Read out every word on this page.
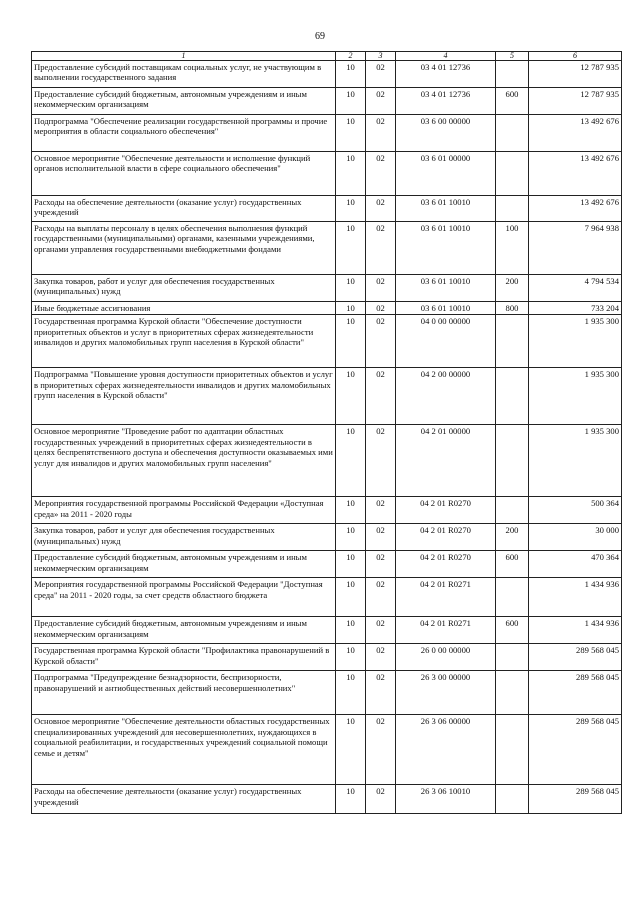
69
1	2	3	4	5	6
Предоставление субсидий поставщикам социальных услуг, не участвующим в выполнении государственного задания	10	02	03 4 01 12736		12 787 935
Предоставление субсидий бюджетным, автономным учреждениям и иным некоммерческим организациям	10	02	03 4 01 12736	600	12 787 935
Подпрограмма "Обеспечение реализации государственной программы и прочие мероприятия в области социального обеспечения"	10	02	03 6 00 00000		13 492 676
Основное мероприятие "Обеспечение деятельности и исполнение функций органов исполнительной власти в сфере социального обеспечения"	10	02	03 6 01 00000		13 492 676
Расходы на обеспечение деятельности (оказание услуг) государственных учреждений	10	02	03 6 01 10010		13 492 676
Расходы на выплаты персоналу в целях обеспечения выполнения функций государственными (муниципальными) органами, казенными учреждениями, органами управления государственными внебюджетными фондами	10	02	03 6 01 10010	100	7 964 938
Закупка товаров, работ и услуг для обеспечения государственных (муниципальных) нужд	10	02	03 6 01 10010	200	4 794 534
Иные бюджетные ассигнования	10	02	03 6 01 10010	800	733 204
Государственная программа Курской области "Обеспечение доступности приоритетных объектов и услуг в приоритетных сферах жизнедеятельности инвалидов и других маломобильных групп населения в Курской области"	10	02	04 0 00 00000		1 935 300
Подпрограмма "Повышение уровня доступности приоритетных объектов и услуг в приоритетных сферах жизнедеятельности инвалидов и других маломобильных групп населения в Курской области"	10	02	04 2 00 00000		1 935 300
Основное мероприятие "Проведение работ по адаптации областных государственных учреждений в приоритетных сферах жизнедеятельности в целях беспрепятственного доступа и обеспечения доступности оказываемых ими услуг для инвалидов и других маломобильных групп населения"	10	02	04 2 01 00000		1 935 300
Мероприятия государственной программы Российской Федерации «Доступная среда» на 2011 - 2020 годы	10	02	04 2 01 R0270		500 364
Закупка товаров, работ и услуг для обеспечения государственных (муниципальных) нужд	10	02	04 2 01 R0270	200	30 000
Предоставление субсидий бюджетным, автономным учреждениям и иным некоммерческим организациям	10	02	04 2 01 R0270	600	470 364
Мероприятия государственной программы Российской Федерации "Доступная среда" на 2011 - 2020 годы, за счет средств областного бюджета	10	02	04 2 01 R0271		1 434 936
Предоставление субсидий бюджетным, автономным учреждениям и иным некоммерческим организациям	10	02	04 2 01 R0271	600	1 434 936
Государственная программа Курской области "Профилактика правонарушений в Курской области"	10	02	26 0 00 00000		289 568 045
Подпрограмма "Предупреждение безнадзорности, беспризорности, правонарушений и антиобщественных действий несовершеннолетних"	10	02	26 3 00 00000		289 568 045
Основное мероприятие "Обеспечение деятельности областных государственных специализированных учреждений для несовершеннолетних, нуждающихся в социальной реабилитации, и государственных учреждений социальной помощи семье и детям"	10	02	26 3 06 00000		289 568 045
Расходы на обеспечение деятельности (оказание услуг) государственных учреждений	10	02	26 3 06 10010		289 568 045
